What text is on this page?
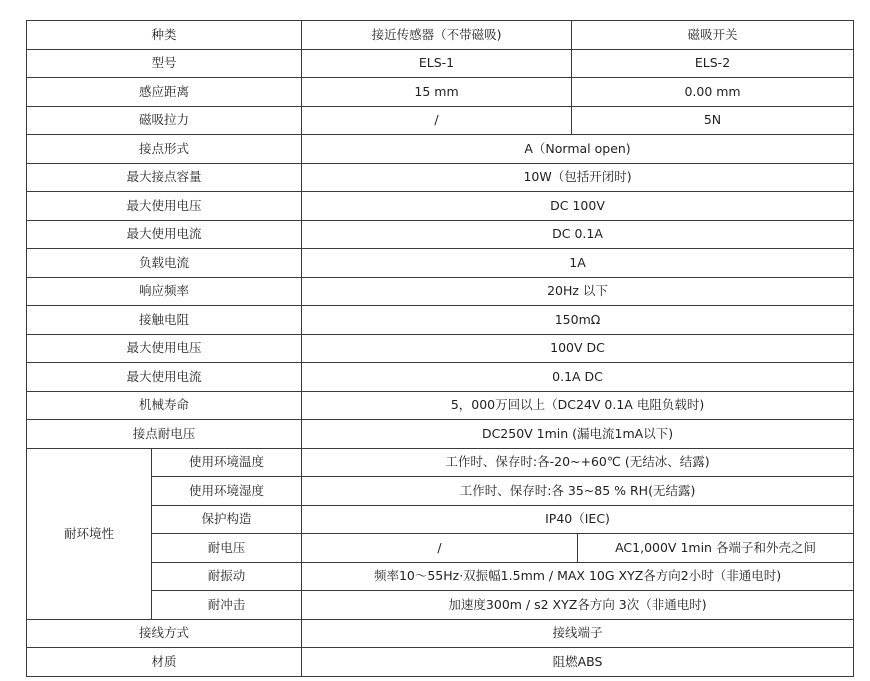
种类		接近传感器（不带磁吸)	磁吸开关	
型号		ELS-1	ELS-2	
感应距离		15 mm	0.00 mm	
磁吸拉力		/	5N	
接点形式		A（Normal open)		
最大接点容量		10W（包括开闭时)		
最大使用电压		DC 100V		
最大使用电流		DC 0.1A		
负载电流		1A		
响应频率		20Hz 以下		
接触电阻		150mΩ		
最大使用电压		100V DC		
最大使用电流		0.1A DC		
机械寿命		5，000万回以上（DC24V 0.1A 电阻负载时)		
接点耐电压		DC250V 1min (漏电流1mA以下)		
耐环境性	使用环境温度	工作时、保存时:各-20~+60℃ (无结冰、结露)		
	使用环境湿度	工作时、保存时:各 35~85 % RH(无结露)		
	保护构造	IP40（IEC)		
	耐电压	/		AC1,000V 1min 各端子和外壳之间
	耐振动	频率10～55Hz·双振幅1.5mm / MAX 10G XYZ各方向2小时（非通电时)		
	耐冲击	加速度300m / s2 XYZ各方向 3次（非通电时)		
接线方式		接线端子		
材质		阻燃ABS		
